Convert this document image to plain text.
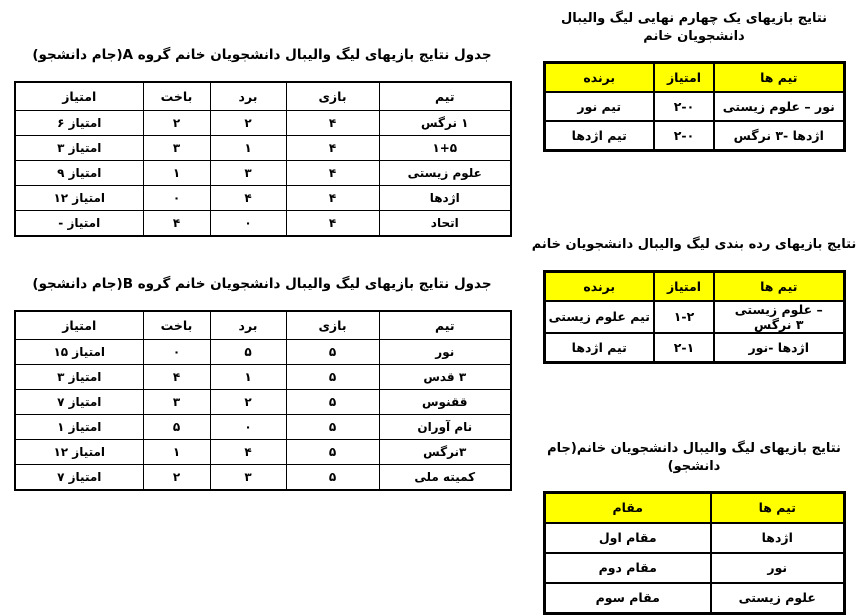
جدول نتایج بازیهای لیگ والیبال دانشجویان خانم گروه A(جام دانشجو)
امتیاز	باخت	برد	بازی	تیم
۶ امتیاز	۲	۲	۴	نرگس‎ ۱
۳ امتیاز	۳	۱	۴	۱+۵
۹ امتیاز	۱	۳	۴	علوم زیستی
۱۲ امتیاز	۰	۴	۴	اژدها
- امتیاز	۴	۰	۴	اتحاد
جدول نتایج بازیهای لیگ والیبال دانشجویان خانم گروه B(جام دانشجو)
امتیاز	باخت	برد	بازی	تیم
۱۵ امتیاز	۰	۵	۵	نور
۳ امتیاز	۴	۱	۵	قدس‎ ۳
۷ امتیاز	۳	۲	۵	ققنوس
۱ امتیاز	۵	۰	۵	نام آوران
۱۲ امتیاز	۱	۴	۵	نرگس‎۳
۷ امتیاز	۲	۳	۵	کمیته ملی
نتایج بازیهای یک چهارم نهایی لیگ والیبال دانشجویان خانم
برنده	امتیاز	تیم ها
تیم نور	۲-۰	علوم زیستی‎ – نور
تیم اژدها	۲-۰	نرگس‎ ۳- اژدها
نتایج بازیهای رده بندی لیگ والیبال دانشجویان خانم
برنده	امتیاز	تیم ها
تیم علوم زیستی	۱-۲	علوم زیستی‎ – نرگس‎ ۳
تیم اژدها	۲-۱	نور‎- اژدها
نتایج بازیهای لیگ والیبال دانشجویان خانم(جام دانشجو)
مقام	تیم ها
مقام اول	اژدها
مقام دوم	نور
مقام سوم	علوم زیستی
